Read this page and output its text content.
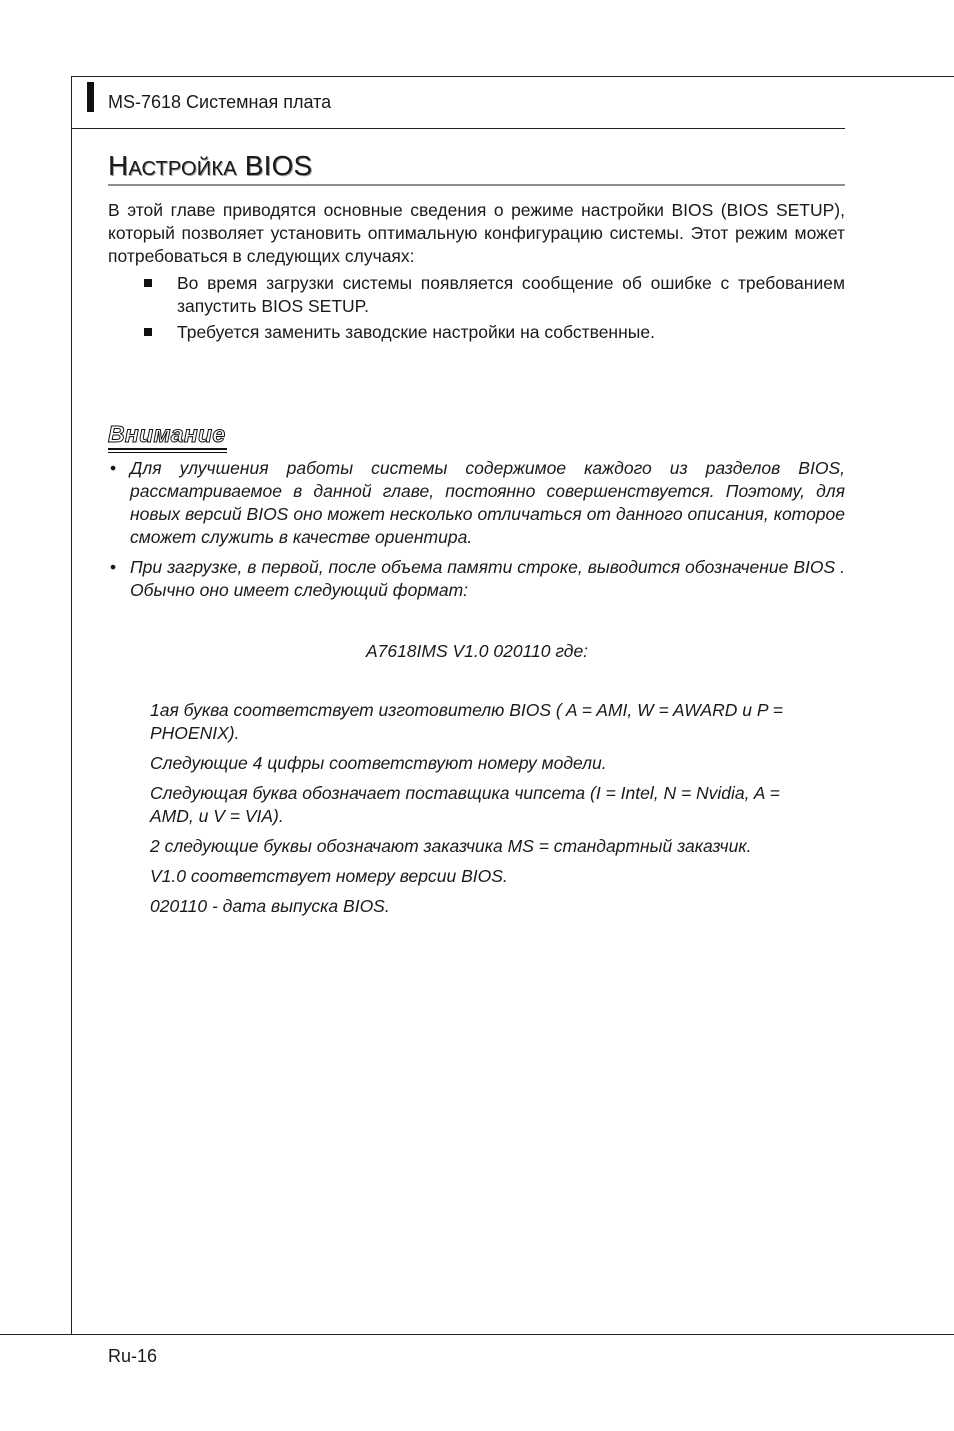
MS-7618 Системная плата
Настройка BIOS

В этой главе приводятся основные сведения о режиме настройки BIOS (BIOS SETUP), который позволяет установить оптимальную конфигурацию системы. Этот режим может потребоваться в следующих случаях:

Во время загрузки системы появляется сообщение об ошибке с требованием запустить BIOS SETUP.
Требуется заменить заводские настройки на собственные.
Внимание
• Для улучшения работы системы содержимое каждого из разделов BIOS, рассматриваемое в данной главе, постоянно совершенствуется. Поэтому, для новых версий BIOS оно может несколько отличаться от данного описания, которое сможет служить в качестве ориентира.
• При загрузке, в первой, после объема памяти строке, выводится обозначение BIOS . Обычно оно имеет следующий формат:
A7618IMS V1.0 020110 где:
1ая буква соответствует изготовителю BIOS ( A = AMI, W = AWARD и P = PHOENIX).
Следующие 4 цифры соответствуют номеру модели.
Следующая буква обозначает поставщика чипсета (I = Intel, N = Nvidia, A = AMD, и V = VIA).
2 следующие буквы обозначают заказчика MS = стандартный заказчик.
V1.0 соответствует номеру версии BIOS.
020110 - дата выпуска BIOS.
Ru-16
